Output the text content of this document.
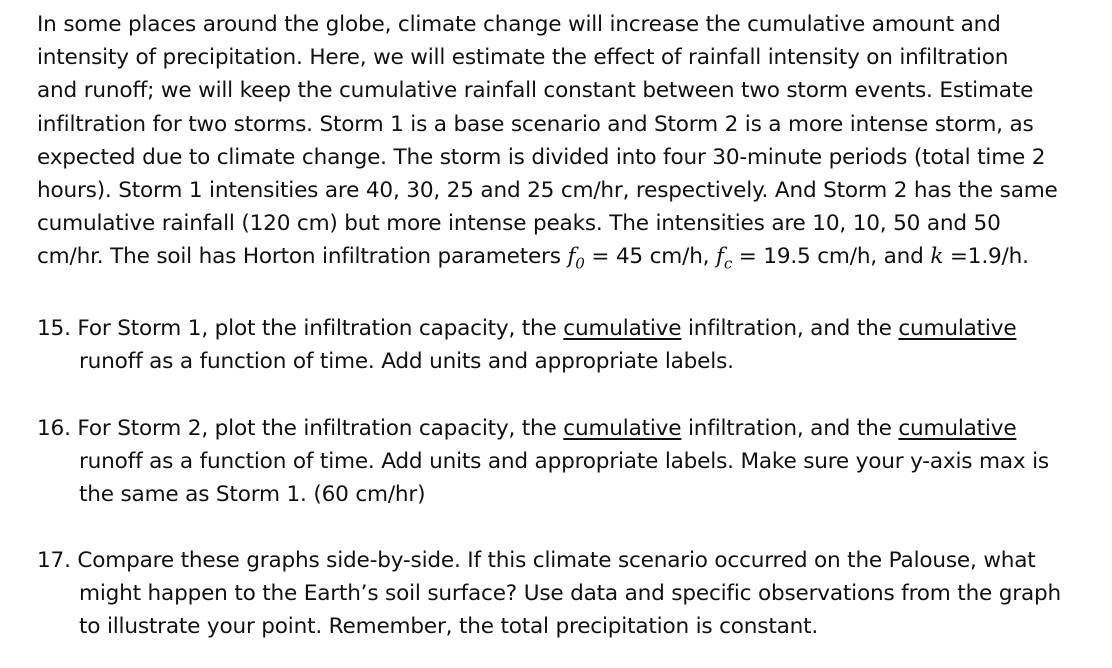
In some places around the globe, climate change will increase the cumulative amount and
intensity of precipitation. Here, we will estimate the effect of rainfall intensity on infiltration
and runoff; we will keep the cumulative rainfall constant between two storm events. Estimate
infiltration for two storms. Storm 1 is a base scenario and Storm 2 is a more intense storm, as
expected due to climate change. The storm is divided into four 30-minute periods (total time 2
hours). Storm 1 intensities are 40, 30, 25 and 25 cm/hr, respectively. And Storm 2 has the same
cumulative rainfall (120 cm) but more intense peaks. The intensities are 10, 10, 50 and 50
cm/hr. The soil has Horton infiltration parameters $f_0 = 45$ cm/h, $f_c = 19.5$ cm/h, and k =1.9/h.

15. For Storm 1, plot the infiltration capacity, the cumulative infiltration, and the cumulative
runoff as a function of time. Add units and appropriate labels.
16. For Storm 2, plot the infiltration capacity, the cumulative infiltration, and the cumulative
runoff as a function of time. Add units and appropriate labels. Make sure your y-axis max is
the same as Storm 1. (60 cm/hr)
17. Compare these graphs side-by-side. If this climate scenario occurred on the Palouse, what
might happen to the Earth’s soil surface? Use data and specific observations from the graph
to illustrate your point. Remember, the total precipitation is constant.
